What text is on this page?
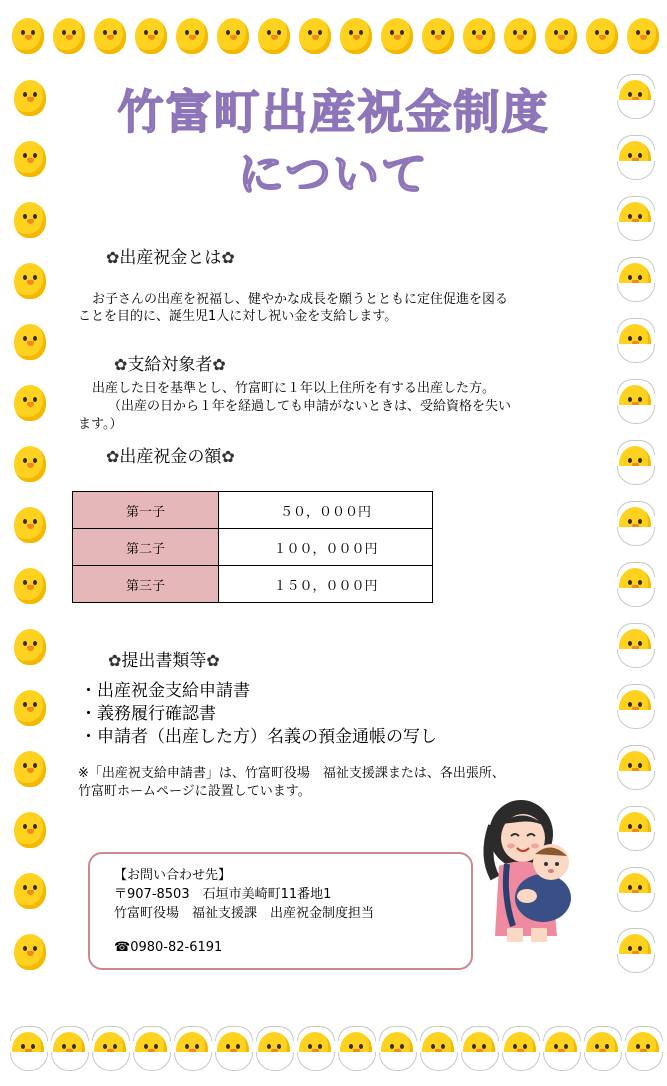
竹富町出産祝金制度
について
✿出産祝金とは✿
お子さんの出産を祝福し、健やかな成長を願うとともに定住促進を図る
ことを目的に、誕生児1人に対し祝い金を支給します。
✿支給対象者✿
出産した日を基準とし、竹富町に１年以上住所を有する出産した方。
（出産の日から１年を経過しても申請がないときは、受給資格を失い
ます。）
✿出産祝金の額✿
第一子	５０，０００円
第二子	１００，０００円
第三子	１５０，０００円
✿提出書類等✿
・出産祝金支給申請書
・義務履行確認書
・申請者（出産した方）名義の預金通帳の写し
※「出産祝支給申請書」は、竹富町役場　福祉支援課または、各出張所、
竹富町ホームページに設置しています。
【お問い合わせ先】
〒907-8503　石垣市美崎町11番地1
竹富町役場　福祉支援課　出産祝金制度担当
☎0980-82-6191
